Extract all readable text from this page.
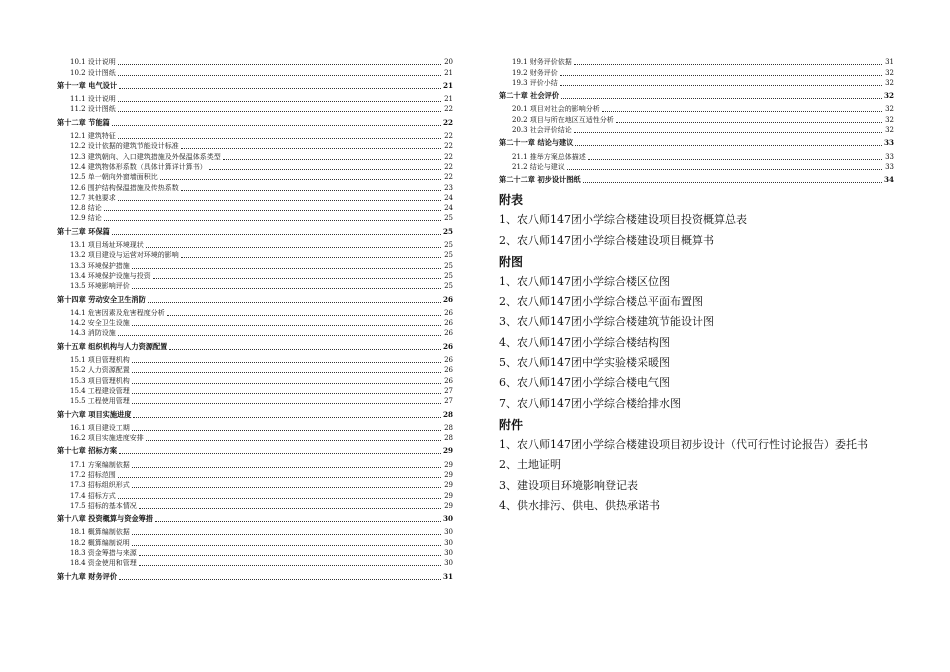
10.1 设计说明	20
10.2 设计图纸	21
第十一章 电气设计	21
11.1 设计说明	21
11.2 设计图纸	22
第十二章 节能篇	22
12.1 建筑特征	22
12.2 设计依据的建筑节能设计标准	22
12.3 建筑朝向、入口建筑措施及外保温体系类型	22
12.4 建筑物体形系数（具体计算详计算书）	22
12.5 单一朝向外窗墙面积比	22
12.6 围护结构保温措施及传热系数	23
12.7 其他要求	24
12.8 结论	24
12.9 结论	25
第十三章 环保篇	25
13.1 项目场址环境现状	25
13.2 项目建设与运营对环境的影响	25
13.3 环境保护措施	25
13.4 环境保护设施与投资	25
13.5 环境影响评价	25
第十四章 劳动安全卫生消防	26
14.1 危害因素及危害程度分析	26
14.2 安全卫生设施	26
14.3 消防设施	26
第十五章 组织机构与人力资源配置	26
15.1 项目管理机构	26
15.2 人力资源配置	26
15.3 项目管理机构	26
15.4 工程建设管理	27
15.5 工程使用管理	27
第十六章 项目实施进度	28
16.1 项目建设工期	28
16.2 项目实施进度安排	28
第十七章 招标方案	29
17.1 方案编制依据	29
17.2 招标范围	29
17.3 招标组织形式	29
17.4 招标方式	29
17.5 招标的基本情况	29
第十八章 投资概算与资金筹措	30
18.1 概算编制依据	30
18.2 概算编制说明	30
18.3 资金筹措与来源	30
18.4 资金使用和管理	30
第十九章 财务评价	31
19.1 财务评价依据	31
19.2 财务评价	32
19.3 评价小结	32
第二十章 社会评价	32
20.1 项目对社会的影响分析	32
20.2 项目与所在地区互适性分析	32
20.3 社会评价结论	32
第二十一章 结论与建议	33
21.1 推举方案总体描述	33
21.2 结论与建议	33
第二十二章 初步设计图纸	34
附表
1、农八师147团小学综合楼建设项目投资概算总表
2、农八师147团小学综合楼建设项目概算书
附图
1、农八师147团小学综合楼区位图
2、农八师147团小学综合楼总平面布置图
3、农八师147团小学综合楼建筑节能设计图
4、农八师147团小学综合楼结构图
5、农八师147团中学实验楼采暖图
6、农八师147团小学综合楼电气图
7、农八师147团小学综合楼给排水图
附件
1、农八师147团小学综合楼建设项目初步设计（代可行性讨论报告）委托书
2、土地证明
3、建设项目环境影响登记表
4、供水排污、供电、供热承诺书
